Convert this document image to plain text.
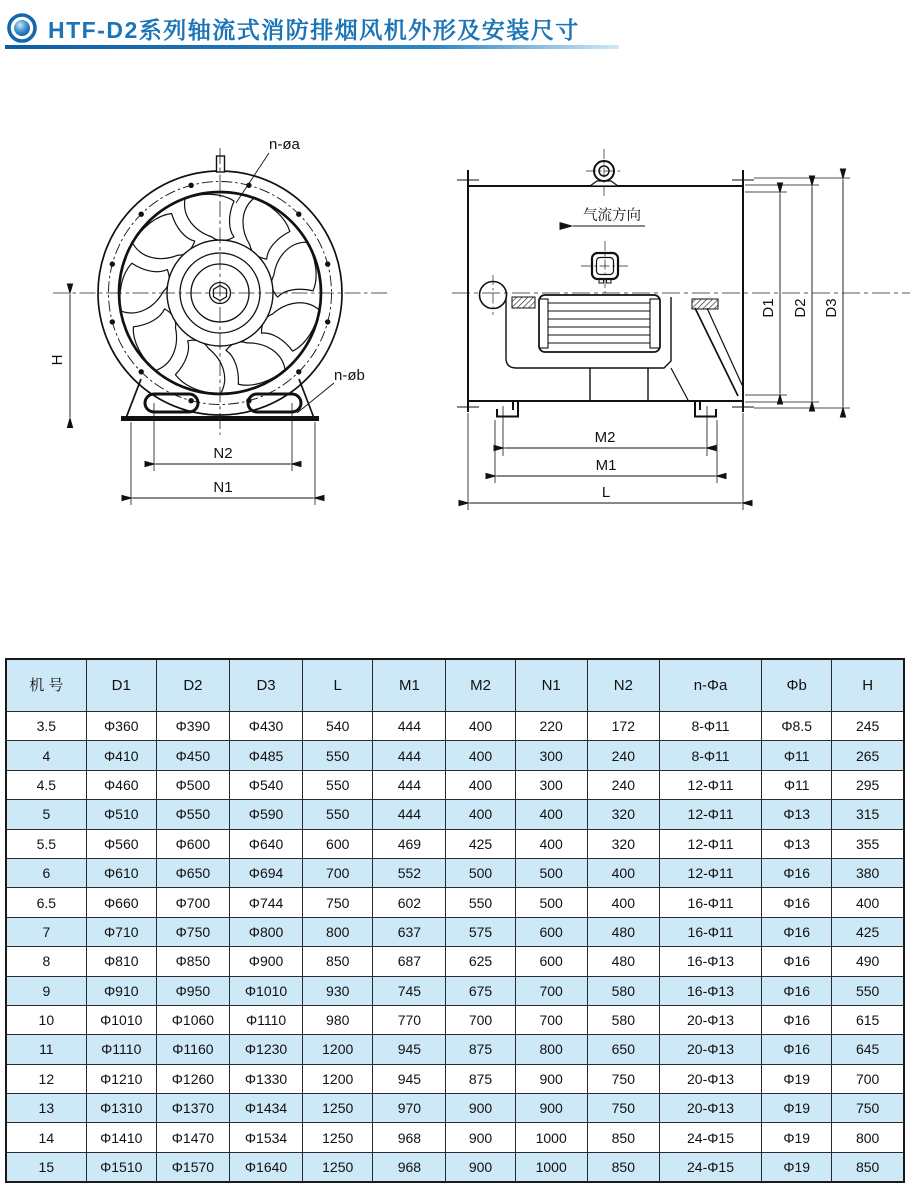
HTF-D2系列轴流式消防排烟风机外形及安装尺寸
H
N2
N1
n-øa
n-øb
气流方向
M2
M1
L
D1 D2 D3
机 号	D1	D2	D3	L	M1	M2	N1	N2	n-Φa	Φb	H
3.5	Φ360	Φ390	Φ430	540	444	400	220	172	8-Φ11	Φ8.5	245
4	Φ410	Φ450	Φ485	550	444	400	300	240	8-Φ11	Φ11	265
4.5	Φ460	Φ500	Φ540	550	444	400	300	240	12-Φ11	Φ11	295
5	Φ510	Φ550	Φ590	550	444	400	400	320	12-Φ11	Φ13	315
5.5	Φ560	Φ600	Φ640	600	469	425	400	320	12-Φ11	Φ13	355
6	Φ610	Φ650	Φ694	700	552	500	500	400	12-Φ11	Φ16	380
6.5	Φ660	Φ700	Φ744	750	602	550	500	400	16-Φ11	Φ16	400
7	Φ710	Φ750	Φ800	800	637	575	600	480	16-Φ11	Φ16	425
8	Φ810	Φ850	Φ900	850	687	625	600	480	16-Φ13	Φ16	490
9	Φ910	Φ950	Φ1010	930	745	675	700	580	16-Φ13	Φ16	550
10	Φ1010	Φ1060	Φ1110	980	770	700	700	580	20-Φ13	Φ16	615
11	Φ1110	Φ1160	Φ1230	1200	945	875	800	650	20-Φ13	Φ16	645
12	Φ1210	Φ1260	Φ1330	1200	945	875	900	750	20-Φ13	Φ19	700
13	Φ1310	Φ1370	Φ1434	1250	970	900	900	750	20-Φ13	Φ19	750
14	Φ1410	Φ1470	Φ1534	1250	968	900	1000	850	24-Φ15	Φ19	800
15	Φ1510	Φ1570	Φ1640	1250	968	900	1000	850	24-Φ15	Φ19	850
